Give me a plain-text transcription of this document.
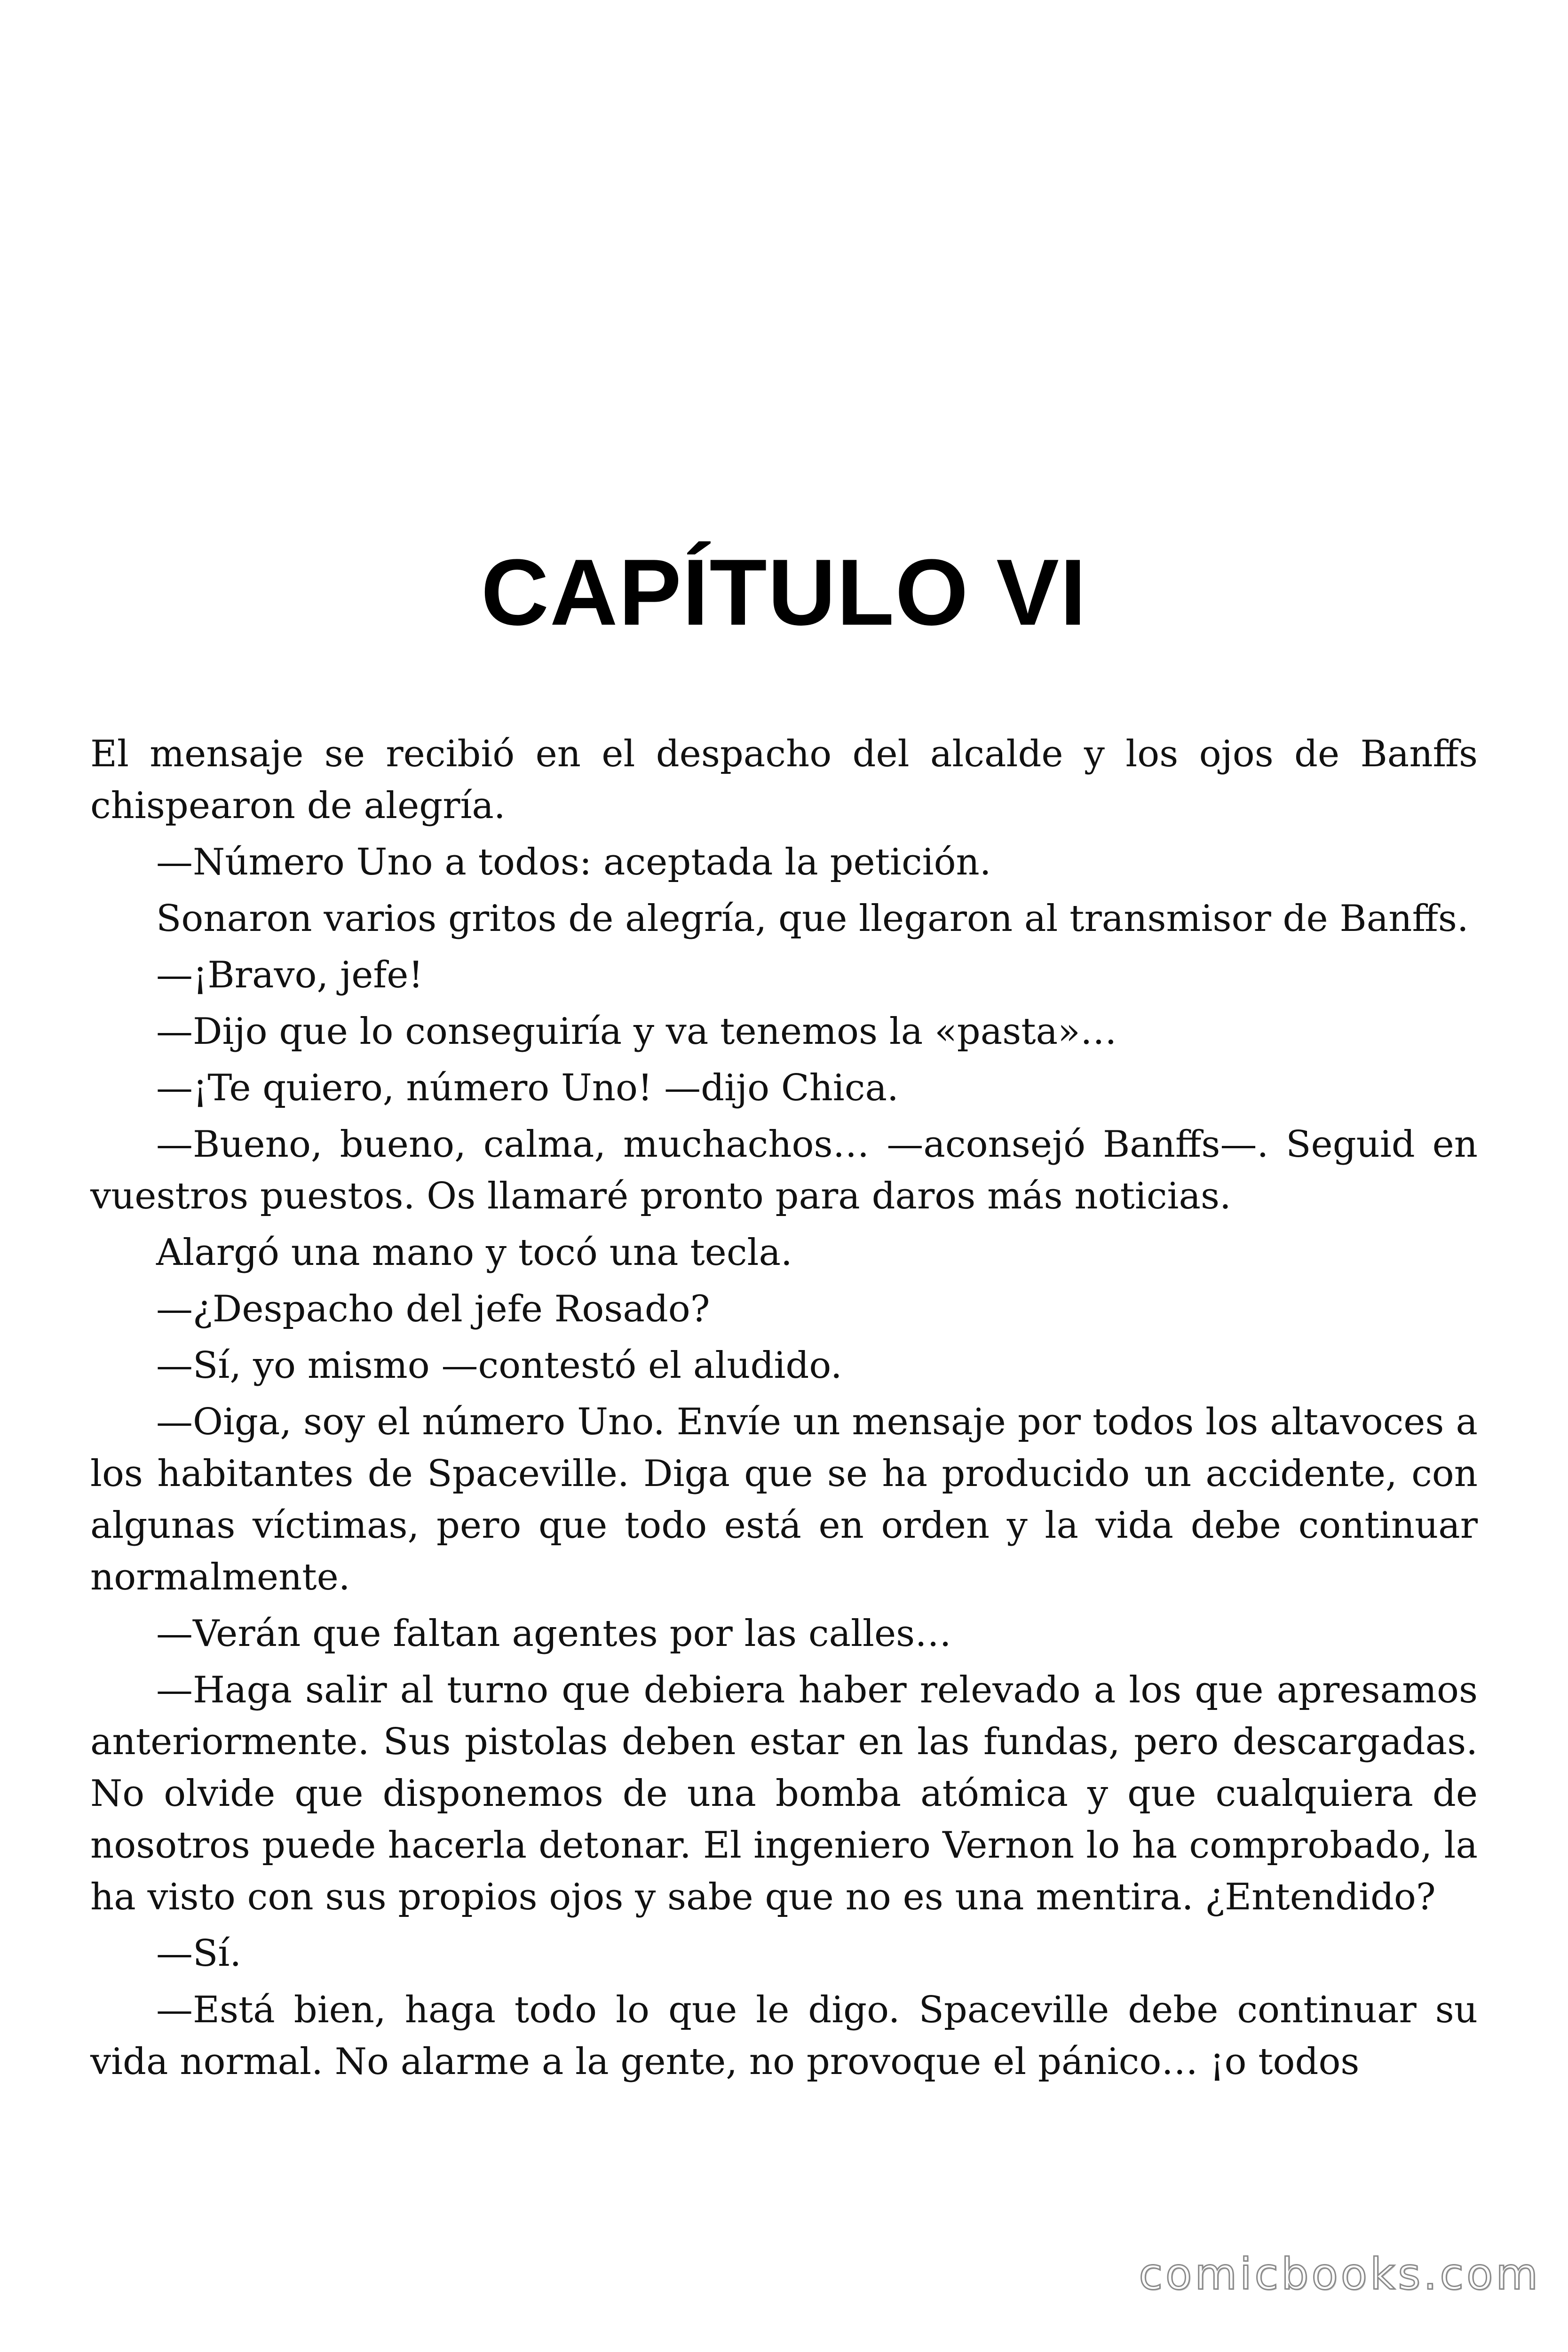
CAPÍTULO VI

El mensaje se recibió en el despacho del alcalde y los ojos de Banffs chispearon de alegría.

—Número Uno a todos: aceptada la petición.

Sonaron varios gritos de alegría, que llegaron al transmisor de Banffs.

—¡Bravo, jefe!

—Dijo que lo conseguiría y va tenemos la «pasta»…

—¡Te quiero, número Uno! —dijo Chica.

—Bueno, bueno, calma, muchachos… —aconsejó Banffs—. Seguid en vuestros puestos. Os llamaré pronto para daros más noticias.

Alargó una mano y tocó una tecla.

—¿Despacho del jefe Rosado?

—Sí, yo mismo —contestó el aludido.

—Oiga, soy el número Uno. Envíe un mensaje por todos los altavoces a los habitantes de Spaceville. Diga que se ha producido un accidente, con algunas víctimas, pero que todo está en orden y la vida debe continuar normalmente.

—Verán que faltan agentes por las calles…

—Haga salir al turno que debiera haber relevado a los que apresamos anteriormente. Sus pistolas deben estar en las fundas, pero descargadas. No olvide que disponemos de una bomba atómica y que cualquiera de nosotros puede hacerla detonar. El ingeniero Vernon lo ha comprobado, la ha visto con sus propios ojos y sabe que no es una mentira. ¿Entendido?

—Sí.

—Está bien, haga todo lo que le digo. Spaceville debe continuar su vida normal. No alarme a la gente, no provoque el pánico… ¡o todos

comicbooks.com
